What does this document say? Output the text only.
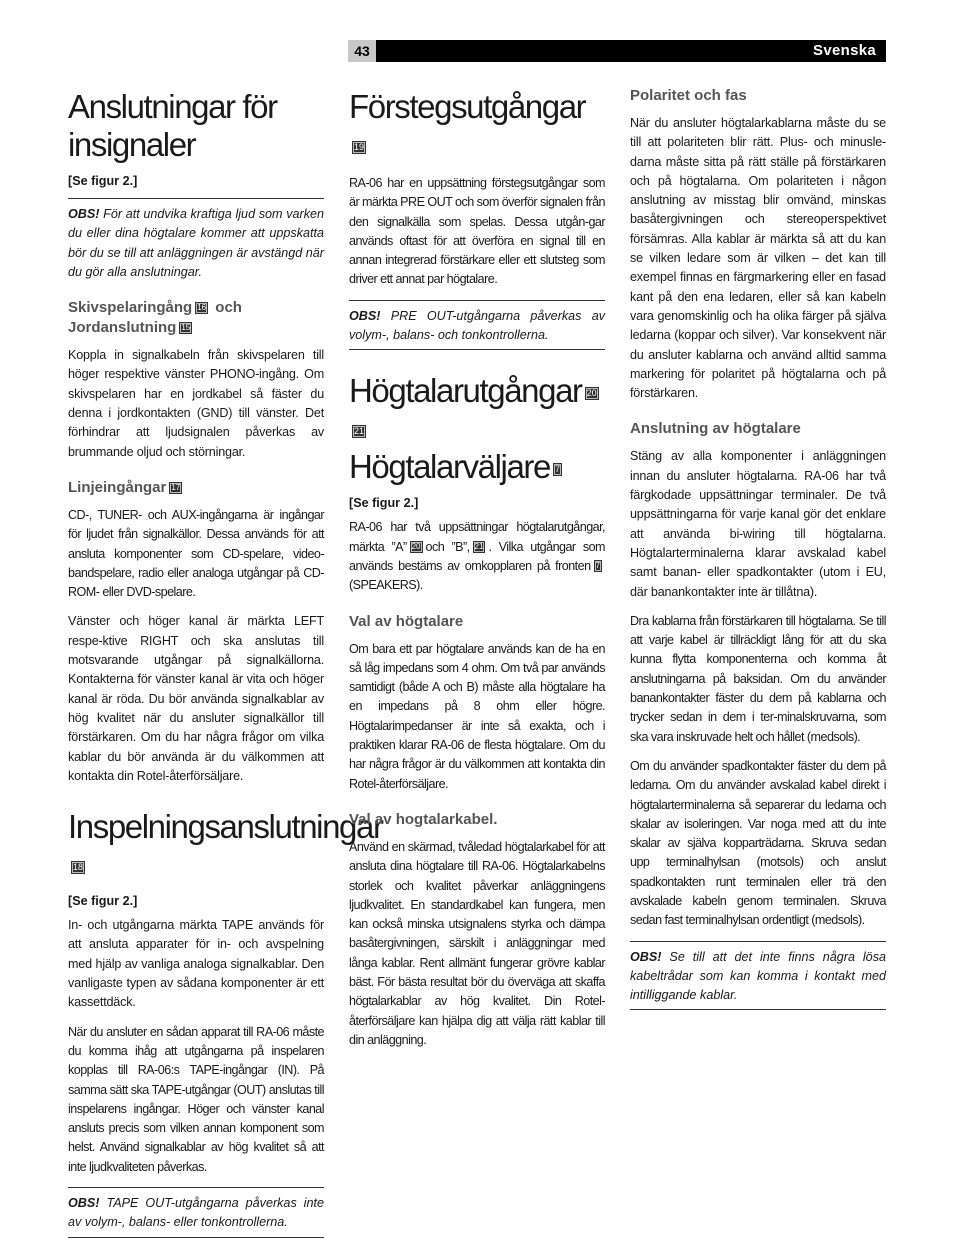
43	Svenska
Anslutningar för insignaler
[Se figur 2.]
OBS! För att undvika kraftiga ljud som varken du eller dina högtalare kommer att uppskatta bör du se till att anläggningen är avstängd när du gör alla anslutningar.
Skivspelaringång 16 och Jordanslutning 15
Koppla in signalkabeln från skivspelaren till höger respektive vänster PHONO-ingång. Om skivspelaren har en jordkabel så fäster du denna i jordkontakten (GND) till vänster. Det förhindrar att ljudsignalen påverkas av brummande oljud och störningar.
Linjeingångar 17
CD-, TUNER- och AUX-ingångarna är ingångar för ljudet från signalkällor. Dessa används för att ansluta komponenter som CD-spelare, video-bandspelare, radio eller analoga utgångar på CD-ROM- eller DVD-spelare.
Vänster och höger kanal är märkta LEFT respe-ktive RIGHT och ska anslutas till motsvarande utgångar på signalkällorna. Kontakterna för vänster kanal är vita och höger kanal är röda. Du bör använda signalkablar av hög kvalitet när du ansluter signalkällor till förstärkaren. Om du har några frågor om vilka kablar du bör använda är du välkommen att kontakta din Rotel-återförsäljare.
Inspelningsanslutningar18
[Se figur 2.]
In- och utgångarna märkta TAPE används för att ansluta apparater för in- och avspelning med hjälp av vanliga analoga signalkablar. Den vanligaste typen av sådana komponenter är ett kassettdäck.
När du ansluter en sådan apparat till RA-06 måste du komma ihåg att utgångarna på inspelaren kopplas till RA-06:s TAPE-ingångar (IN). På samma sätt ska TAPE-utgångar (OUT) anslutas till inspelarens ingångar. Höger och vänster kanal ansluts precis som vilken annan komponent som helst. Använd signalkablar av hög kvalitet så att inte ljudkvaliteten påverkas.
OBS! TAPE OUT-utgångarna påverkas inte av volym-, balans- eller tonkontrollerna.
Förstegsutgångar19
RA-06 har en uppsättning förstegsutgångar som är märkta PRE OUT och som överför signalen från den signalkälla som spelas. Dessa utgån-gar används oftast för att överföra en signal till en annan integrerad förstärkare eller ett slutsteg som driver ett annat par högtalare.
OBS! PRE OUT-utgångarna påverkas av volym-, balans- och tonkontrollerna.
Högtalarutgångar 2021
Högtalarväljare 7
[Se figur 2.]
RA-06 har två uppsättningar högtalarutgångar, märkta ”A” 20 och ”B”, 21 . Vilka utgångar som används bestäms av omkopplaren på fronten 7(SPEAKERS).
Val av högtalare
Om bara ett par högtalare används kan de ha en så låg impedans som 4 ohm. Om två par används samtidigt (både A och B) måste alla högtalare ha en impedans på 8 ohm eller högre. Högtalarimpedanser är inte så exakta, och i praktiken klarar RA-06 de flesta högtalare. Om du har några frågor är du välkommen att kontakta din Rotel-återförsäljare.
Val av hogtalarkabel.
Använd en skärmad, tvåledad högtalarkabel för att ansluta dina högtalare till RA-06. Högtalarkabelns storlek och kvalitet påverkar anläggningens ljudkvalitet. En standardkabel kan fungera, men kan också minska utsignalens styrka och dämpa basåtergivningen, särskilt i anläggningar med långa kablar. Rent allmänt fungerar grövre kablar bäst. För bästa resultat bör du överväga att skaffa högtalarkablar av hög kvalitet. Din Rotel-återförsäljare kan hjälpa dig att välja rätt kablar till din anläggning.
Polaritet och fas
När du ansluter högtalarkablarna måste du se till att polariteten blir rätt. Plus- och minusle-darna måste sitta på rätt ställe på förstärkaren och på högtalarna. Om polariteten i någon anslutning av misstag blir omvänd, minskas basåtergivningen och stereoperspektivet försämras. Alla kablar är märkta så att du kan se vilken ledare som är vilken – det kan till exempel finnas en färgmarkering eller en fasad kant på den ena ledaren, eller så kan kabeln vara genomskinlig och ha olika färger på själva ledarna (koppar och silver). Var konsekvent när du ansluter kablarna och använd alltid samma markering för polaritet på högtalarna och på förstärkaren.
Anslutning av högtalare
Stäng av alla komponenter i anläggningen innan du ansluter högtalarna. RA-06 har två färgkodade uppsättningar terminaler. De två uppsättningarna för varje kanal gör det enklare att använda bi-wiring till högtalarna. Högtalarterminalerna klarar avskalad kabel samt banan- eller spadkontakter (utom i EU, där banankontakter inte är tillåtna).
Dra kablarna från förstärkaren till högtalarna. Se till att varje kabel är tillräckligt lång för att du ska kunna flytta komponenterna och komma åt anslutningarna på baksidan. Om du använder banankontakter fäster du dem på kablarna och trycker sedan in dem i ter-minalskruvarna, som ska vara inskruvade helt och hållet (medsols).
Om du använder spadkontakter fäster du dem på ledarna. Om du använder avskalad kabel direkt i högtalarterminalerna så separerar du ledarna och skalar av isoleringen. Var noga med att du inte skalar av själva kopparträdarna. Skruva sedan upp terminalhylsan (motsols) och anslut spadkontakten runt terminalen eller trä den avskalade kabeln genom terminalen. Skruva sedan fast terminalhylsan ordentligt (medsols).
OBS! Se till att det inte finns några lösa kabeltrådar som kan komma i kontakt med intilliggande kablar.
